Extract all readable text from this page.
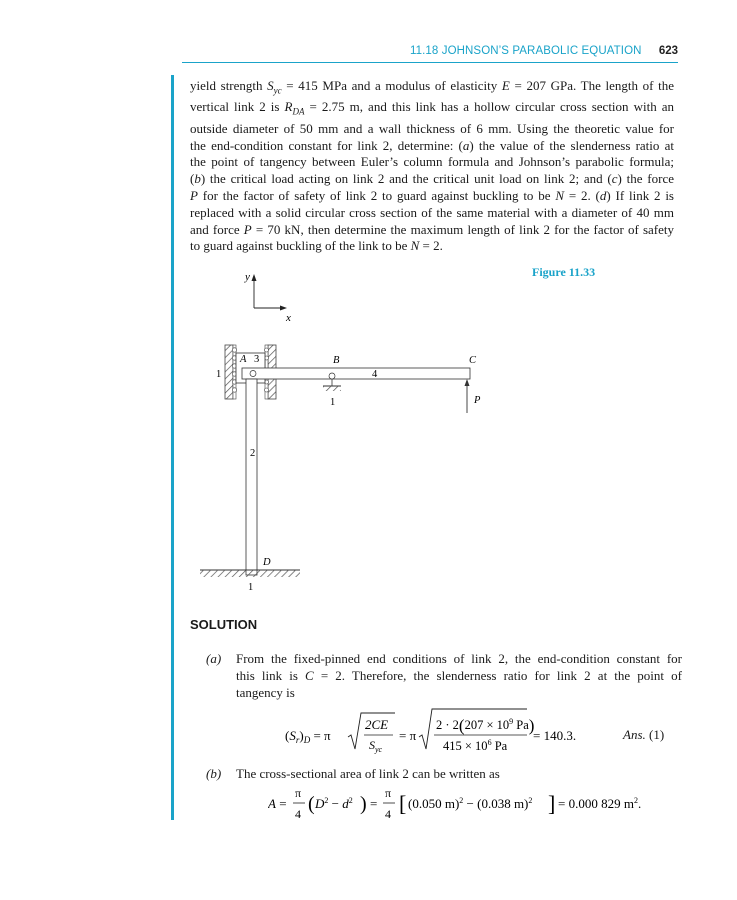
11.18 JOHNSON’S PARABOLIC EQUATION 623
yield strength $S_{yc} = 415$ MPa and a modulus of elasticity E = 207 GPa. The length of the
vertical link 2 is $R_{DA} = 2.75$ m, and this link has a hollow circular cross section with an
outside diameter of 50 mm and a wall thickness of 6 mm. Using the theoretic value for
the end-condition constant for link 2, determine: (a) the value of the slenderness ratio at
the point of tangency between Euler’s column formula and Johnson’s parabolic formula;
(b) the critical load acting on link 2 and the critical unit load on link 2; and (c) the force
P for the factor of safety of link 2 to guard against buckling to be N = 2. (d) If link 2 is
replaced with a solid circular cross section of the same material with a diameter of 40 mm
and force P = 70 kN, then determine the maximum length of link 2 for the factor of safety
to guard against buckling of the link to be N = 2.
Figure 11.33
y
x
1
A 3	B
4
C
P
1
2
D
1
SOLUTION
(a) From the fixed-pinned end conditions of link 2, the end-condition constant for
this link is C = 2. Therefore, the slenderness ratio for link 2 at the point of
tangency is
$(S_r)_D = \pi$
2CE
$S_{yc}$
= π
$2 \cdot 2(207 \times 10^9$ Pa)
$415 \times 10^6$ Pa
= 140.3.	Ans. (1)
(b) The cross-sectional area of link 2 can be written as
A =
π
4 ( $D^2 - d^2$ ) =
π
4 [ (0.050 m)$^2$ − (0.038 m)$^2$ ] = 0.000 829 $m^2$.
